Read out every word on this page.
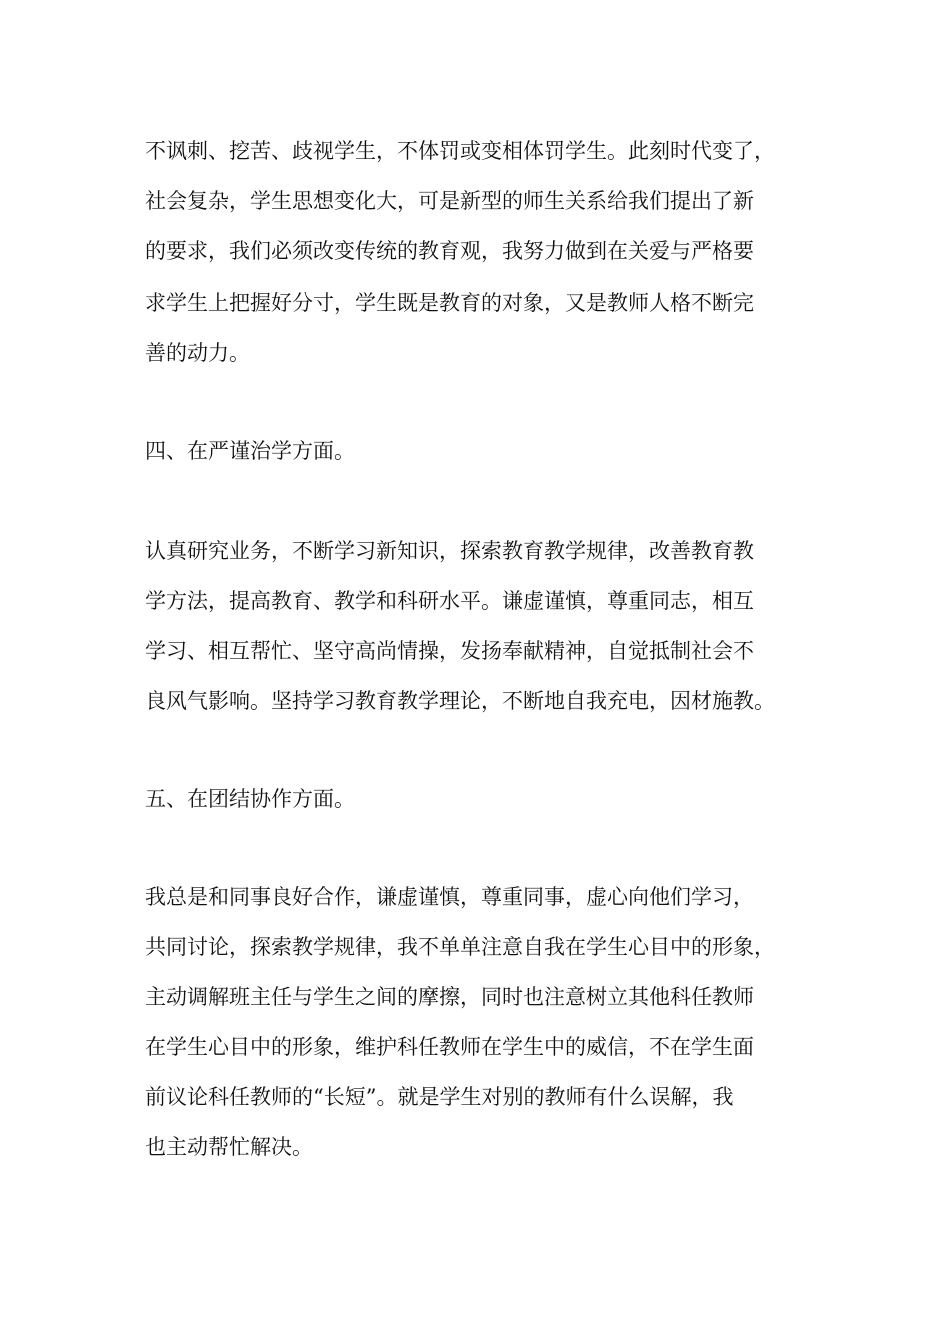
不讽刺、挖苦、歧视学生，不体罚或变相体罚学生。此刻时代变了，

社会复杂，学生思想变化大，可是新型的师生关系给我们提出了新

的要求，我们必须改变传统的教育观，我努力做到在关爱与严格要

求学生上把握好分寸，学生既是教育的对象，又是教师人格不断完

善的动力。

四、在严谨治学方面。

认真研究业务，不断学习新知识，探索教育教学规律，改善教育教

学方法，提高教育、教学和科研水平。谦虚谨慎，尊重同志，相互

学习、相互帮忙、坚守高尚情操，发扬奉献精神，自觉抵制社会不

良风气影响。坚持学习教育教学理论，不断地自我充电，因材施教。

五、在团结协作方面。

我总是和同事良好合作，谦虚谨慎，尊重同事，虚心向他们学习，

共同讨论，探索教学规律，我不单单注意自我在学生心目中的形象，

主动调解班主任与学生之间的摩擦，同时也注意树立其他科任教师

在学生心目中的形象，维护科任教师在学生中的威信，不在学生面

前议论科任教师的“长短”。就是学生对别的教师有什么误解，我

也主动帮忙解决。
